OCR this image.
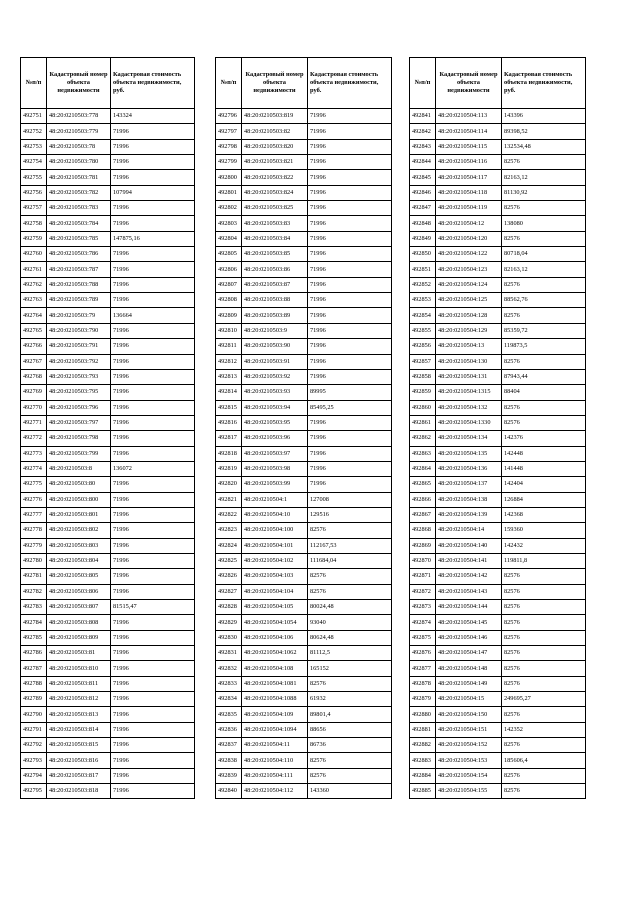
№п/п	Кадастровый номер объекта недвижимости	Кадастровая стоимость объекта недвижимости, руб.
492751	48:20:0210503:778	143324
492752	48:20:0210503:779	71996
492753	48:20:0210503:78	71996
492754	48:20:0210503:780	71996
492755	48:20:0210503:781	71996
492756	48:20:0210503:782	107994
492757	48:20:0210503:783	71996
492758	48:20:0210503:784	71996
492759	48:20:0210503:785	147875,16
492760	48:20:0210503:786	71996
492761	48:20:0210503:787	71996
492762	48:20:0210503:788	71996
492763	48:20:0210503:789	71996
492764	48:20:0210503:79	136664
492765	48:20:0210503:790	71996
492766	48:20:0210503:791	71996
492767	48:20:0210503:792	71996
492768	48:20:0210503:793	71996
492769	48:20:0210503:795	71996
492770	48:20:0210503:796	71996
492771	48:20:0210503:797	71996
492772	48:20:0210503:798	71996
492773	48:20:0210503:799	71996
492774	48:20:0210503:8	136072
492775	48:20:0210503:80	71996
492776	48:20:0210503:800	71996
492777	48:20:0210503:801	71996
492778	48:20:0210503:802	71996
492779	48:20:0210503:803	71996
492780	48:20:0210503:804	71996
492781	48:20:0210503:805	71996
492782	48:20:0210503:806	71996
492783	48:20:0210503:807	81515,47
492784	48:20:0210503:808	71996
492785	48:20:0210503:809	71996
492786	48:20:0210503:81	71996
492787	48:20:0210503:810	71996
492788	48:20:0210503:811	71996
492789	48:20:0210503:812	71996
492790	48:20:0210503:813	71996
492791	48:20:0210503:814	71996
492792	48:20:0210503:815	71996
492793	48:20:0210503:816	71996
492794	48:20:0210503:817	71996
492795	48:20:0210503:818	71996
№п/п	Кадастровый номер объекта недвижимости	Кадастровая стоимость объекта недвижимости, руб.
492796	48:20:0210503:819	71996
492797	48:20:0210503:82	71996
492798	48:20:0210503:820	71996
492799	48:20:0210503:821	71996
492800	48:20:0210503:822	71996
492801	48:20:0210503:824	71996
492802	48:20:0210503:825	71996
492803	48:20:0210503:83	71996
492804	48:20:0210503:84	71996
492805	48:20:0210503:85	71996
492806	48:20:0210503:86	71996
492807	48:20:0210503:87	71996
492808	48:20:0210503:88	71996
492809	48:20:0210503:89	71996
492810	48:20:0210503:9	71996
492811	48:20:0210503:90	71996
492812	48:20:0210503:91	71996
492813	48:20:0210503:92	71996
492814	48:20:0210503:93	89995
492815	48:20:0210503:94	85495,25
492816	48:20:0210503:95	71996
492817	48:20:0210503:96	71996
492818	48:20:0210503:97	71996
492819	48:20:0210503:98	71996
492820	48:20:0210503:99	71996
492821	48:20:0210504:1	127008
492822	48:20:0210504:10	129516
492823	48:20:0210504:100	82576
492824	48:20:0210504:101	112167,53
492825	48:20:0210504:102	111684,04
492826	48:20:0210504:103	82576
492827	48:20:0210504:104	82576
492828	48:20:0210504:105	80024,48
492829	48:20:0210504:1054	93040
492830	48:20:0210504:106	80624,48
492831	48:20:0210504:1062	81112,5
492832	48:20:0210504:108	165152
492833	48:20:0210504:1081	82576
492834	48:20:0210504:1088	61932
492835	48:20:0210504:109	89801,4
492836	48:20:0210504:1094	88656
492837	48:20:0210504:11	86736
492838	48:20:0210504:110	82576
492839	48:20:0210504:111	82576
492840	48:20:0210504:112	143360
№п/п	Кадастровый номер объекта недвижимости	Кадастровая стоимость объекта недвижимости, руб.
492841	48:20:0210504:113	143396
492842	48:20:0210504:114	89398,52
492843	48:20:0210504:115	132534,48
492844	48:20:0210504:116	82576
492845	48:20:0210504:117	82163,12
492846	48:20:0210504:118	81130,92
492847	48:20:0210504:119	82576
492848	48:20:0210504:12	138080
492849	48:20:0210504:120	82576
492850	48:20:0210504:122	80718,04
492851	48:20:0210504:123	82163,12
492852	48:20:0210504:124	82576
492853	48:20:0210504:125	88562,76
492854	48:20:0210504:128	82576
492855	48:20:0210504:129	85359,72
492856	48:20:0210504:13	119873,5
492857	48:20:0210504:130	82576
492858	48:20:0210504:131	87943,44
492859	48:20:0210504:1315	88404
492860	48:20:0210504:132	82576
492861	48:20:0210504:1330	82576
492862	48:20:0210504:134	142376
492863	48:20:0210504:135	142448
492864	48:20:0210504:136	141448
492865	48:20:0210504:137	142404
492866	48:20:0210504:138	126884
492867	48:20:0210504:139	142368
492868	48:20:0210504:14	159360
492869	48:20:0210504:140	142432
492870	48:20:0210504:141	119811,8
492871	48:20:0210504:142	82576
492872	48:20:0210504:143	82576
492873	48:20:0210504:144	82576
492874	48:20:0210504:145	82576
492875	48:20:0210504:146	82576
492876	48:20:0210504:147	82576
492877	48:20:0210504:148	82576
492878	48:20:0210504:149	82576
492879	48:20:0210504:15	249695,27
492880	48:20:0210504:150	82576
492881	48:20:0210504:151	142352
492882	48:20:0210504:152	82576
492883	48:20:0210504:153	185606,4
492884	48:20:0210504:154	82576
492885	48:20:0210504:155	82576
